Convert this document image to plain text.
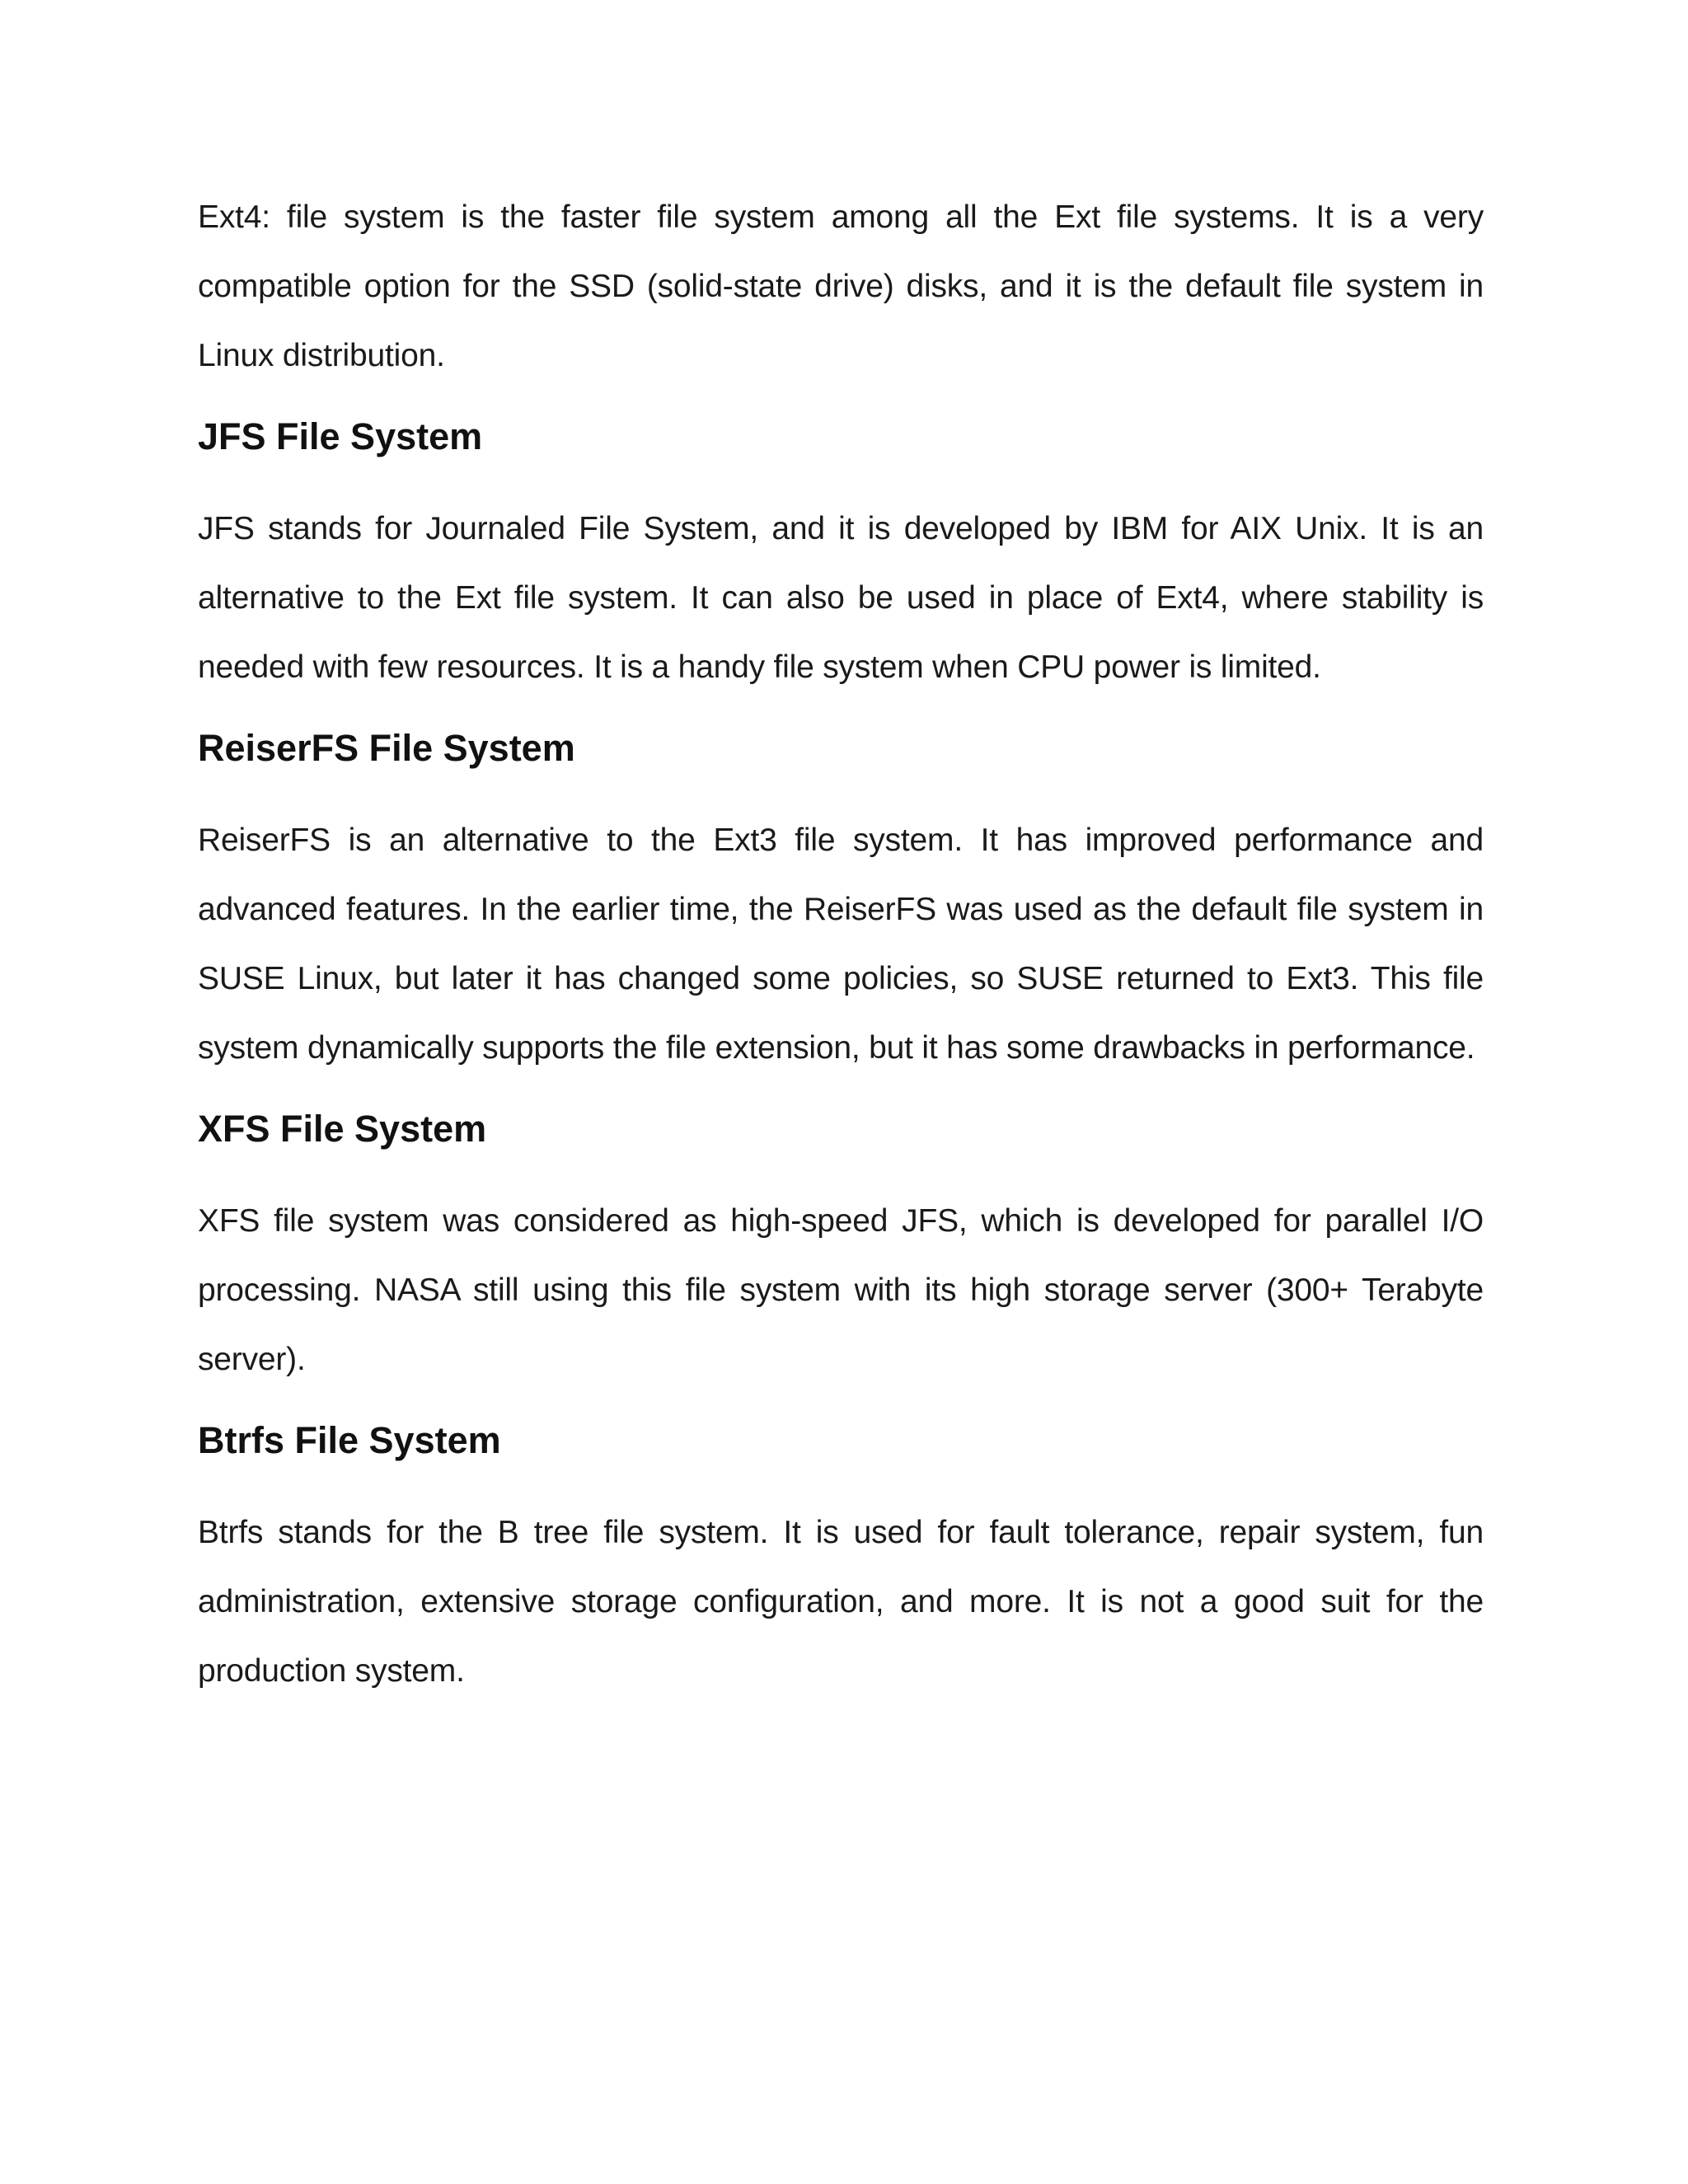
Ext4: file system is the faster file system among all the Ext file systems. It is a very compatible option for the SSD (solid-state drive) disks, and it is the default file system in Linux distribution.

JFS File System

JFS stands for Journaled File System, and it is developed by IBM for AIX Unix. It is an alternative to the Ext file system. It can also be used in place of Ext4, where stability is needed with few resources. It is a handy file system when CPU power is limited.

ReiserFS File System

ReiserFS is an alternative to the Ext3 file system. It has improved performance and advanced features. In the earlier time, the ReiserFS was used as the default file system in SUSE Linux, but later it has changed some policies, so SUSE returned to Ext3. This file system dynamically supports the file extension, but it has some drawbacks in performance.

XFS File System

XFS file system was considered as high-speed JFS, which is developed for parallel I/O processing. NASA still using this file system with its high storage server (300+ Terabyte server).

Btrfs File System

Btrfs stands for the B tree file system. It is used for fault tolerance, repair system, fun administration, extensive storage configuration, and more. It is not a good suit for the production system.
